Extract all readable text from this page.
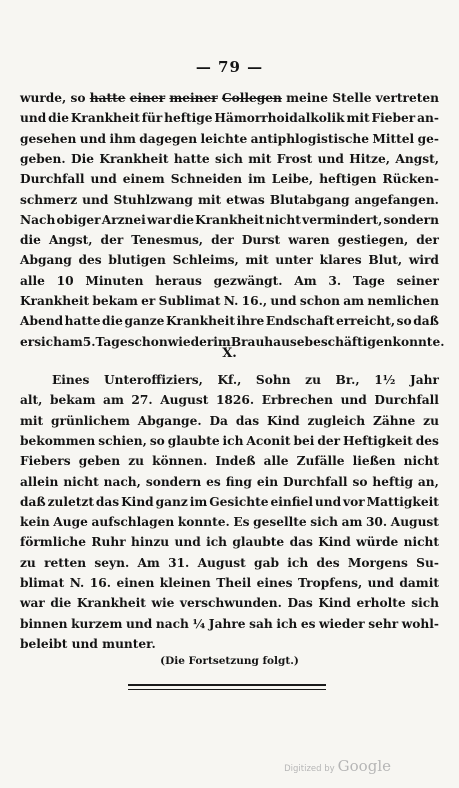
— 79 —
wurde, so hatte einer meiner Collegen meine Stelle vertreten
und die Krankheit für heftige Hämorrhoidalkolik mit Fieber an-
gesehen und ihm dagegen leichte antiphlogistische Mittel ge-
geben. Die Krankheit hatte sich mit Frost und Hitze, Angst,
Durchfall und einem Schneiden im Leibe, heftigen Rücken-
schmerz und Stuhlzwang mit etwas Blutabgang angefangen.
Nach obiger Arznei war die Krankheit nicht vermindert, sondern
die Angst, der Tenesmus, der Durst waren gestiegen, der
Abgang des blutigen Schleims, mit unter klares Blut, wird
alle 10 Minuten heraus gezwängt. Am 3. Tage seiner
Krankheit bekam er Sublimat N. 16., und schon am nemlichen
Abend hatte die ganze Krankheit ihre Endschaft erreicht, so daß
er sich am 5. Tage schon wieder im Brauhause beschäftigen konnte.
X.
Eines Unteroffiziers, Kf., Sohn zu Br., 1½ Jahr
alt, bekam am 27. August 1826. Erbrechen und Durchfall
mit grünlichem Abgange. Da das Kind zugleich Zähne zu
bekommen schien, so glaubte ich Aconit bei der Heftigkeit des
Fiebers geben zu können. Indeß alle Zufälle ließen nicht
allein nicht nach, sondern es fing ein Durchfall so heftig an,
daß zuletzt das Kind ganz im Gesichte einfiel und vor Mattigkeit
kein Auge aufschlagen konnte. Es gesellte sich am 30. August
förmliche Ruhr hinzu und ich glaubte das Kind würde nicht
zu retten seyn. Am 31. August gab ich des Morgens Su-
blimat N. 16. einen kleinen Theil eines Tropfens, und damit
war die Krankheit wie verschwunden. Das Kind erholte sich
binnen kurzem und nach ¼ Jahre sah ich es wieder sehr wohl-
beleibt und munter.
(Die Fortsetzung folgt.)
Digitized by Google
